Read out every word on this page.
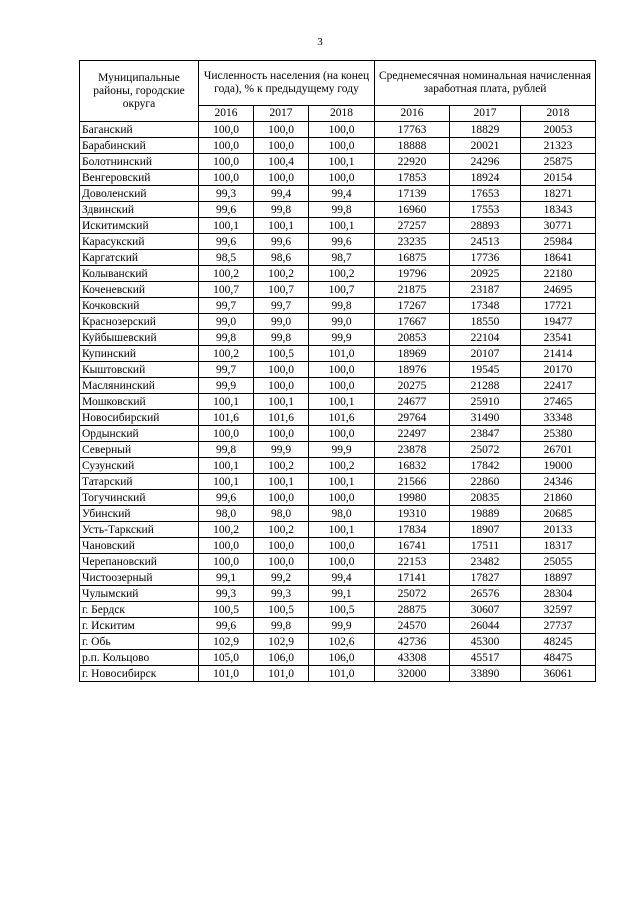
3
Муниципальные районы, городские округа	Численность населения (на конец года), % к предыдущему году			Среднемесячная номинальная начисленная заработная плата, рублей		
	2016	2017	2018	2016	2017	2018
Баганский	100,0	100,0	100,0	17763	18829	20053
Барабинский	100,0	100,0	100,0	18888	20021	21323
Болотнинский	100,0	100,4	100,1	22920	24296	25875
Венгеровский	100,0	100,0	100,0	17853	18924	20154
Доволенский	99,3	99,4	99,4	17139	17653	18271
Здвинский	99,6	99,8	99,8	16960	17553	18343
Искитимский	100,1	100,1	100,1	27257	28893	30771
Карасукский	99,6	99,6	99,6	23235	24513	25984
Каргатский	98,5	98,6	98,7	16875	17736	18641
Колыванский	100,2	100,2	100,2	19796	20925	22180
Коченевский	100,7	100,7	100,7	21875	23187	24695
Кочковский	99,7	99,7	99,8	17267	17348	17721
Краснозерский	99,0	99,0	99,0	17667	18550	19477
Куйбышевский	99,8	99,8	99,9	20853	22104	23541
Купинский	100,2	100,5	101,0	18969	20107	21414
Кыштовский	99,7	100,0	100,0	18976	19545	20170
Маслянинский	99,9	100,0	100,0	20275	21288	22417
Мошковский	100,1	100,1	100,1	24677	25910	27465
Новосибирский	101,6	101,6	101,6	29764	31490	33348
Ордынский	100,0	100,0	100,0	22497	23847	25380
Северный	99,8	99,9	99,9	23878	25072	26701
Сузунский	100,1	100,2	100,2	16832	17842	19000
Татарский	100,1	100,1	100,1	21566	22860	24346
Тогучинский	99,6	100,0	100,0	19980	20835	21860
Убинский	98,0	98,0	98,0	19310	19889	20685
Усть-Таркский	100,2	100,2	100,1	17834	18907	20133
Чановский	100,0	100,0	100,0	16741	17511	18317
Черепановский	100,0	100,0	100,0	22153	23482	25055
Чистоозерный	99,1	99,2	99,4	17141	17827	18897
Чулымский	99,3	99,3	99,1	25072	26576	28304
г. Бердск	100,5	100,5	100,5	28875	30607	32597
г. Искитим	99,6	99,8	99,9	24570	26044	27737
г. Обь	102,9	102,9	102,6	42736	45300	48245
р.п. Кольцово	105,0	106,0	106,0	43308	45517	48475
г. Новосибирск	101,0	101,0	101,0	32000	33890	36061
